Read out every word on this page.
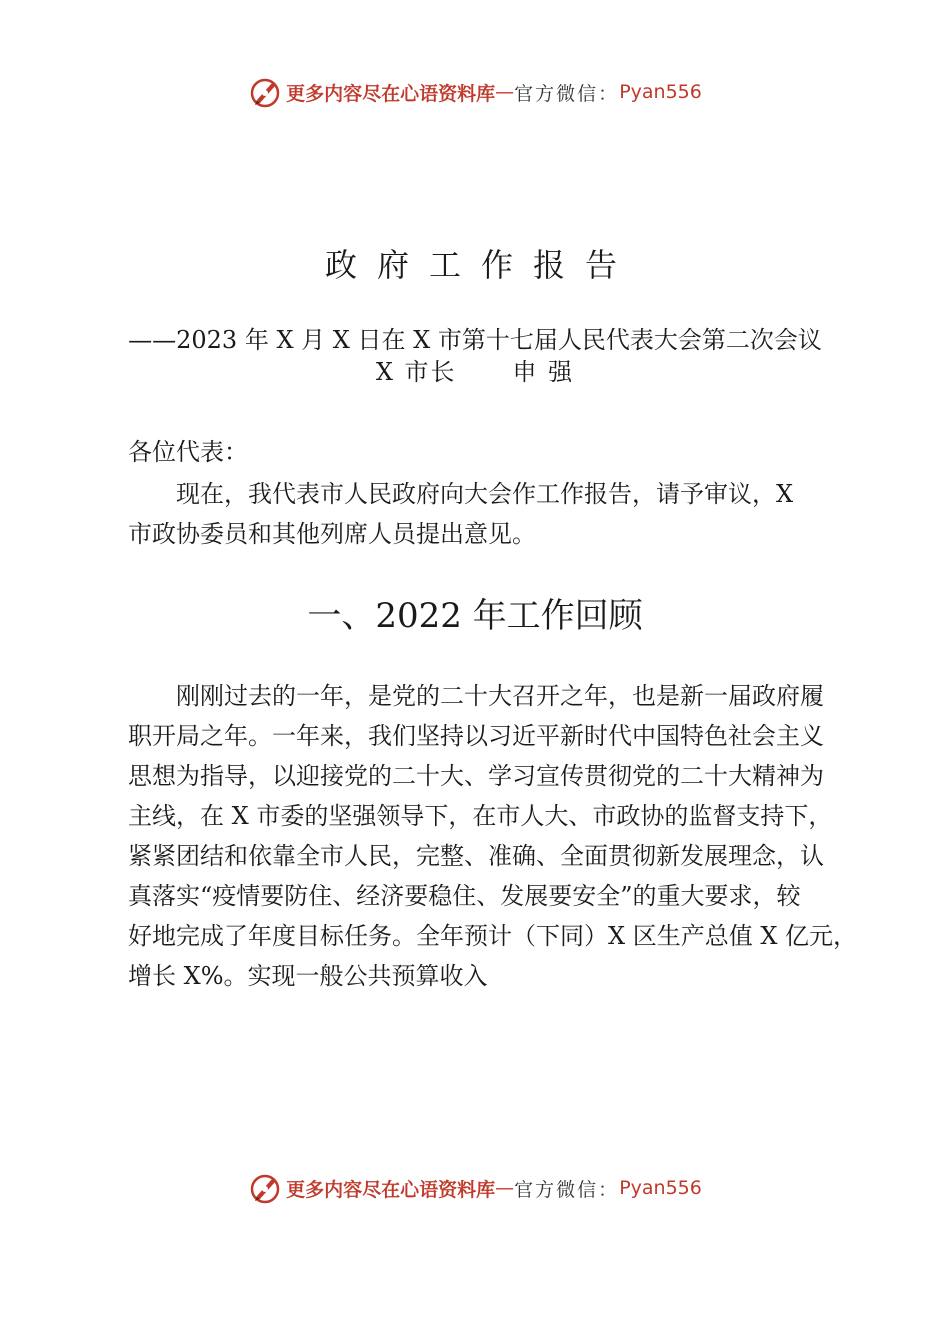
更多内容尽在心语资料库 — 官方微信： Pyan556
政府工作报告
——2023 年 X 月 X 日在 X 市第十七届人民代表大会第二次会议
X 市长 申 强
各位代表：
现在，我代表市人民政府向大会作工作报告，请予审议，X
市政协委员和其他列席人员提出意见。
一、2022 年工作回顾
刚刚过去的一年，是党的二十大召开之年，也是新一届政府履
职开局之年。一年来，我们坚持以习近平新时代中国特色社会主义
思想为指导，以迎接党的二十大、学习宣传贯彻党的二十大精神为
主线，在 X 市委的坚强领导下，在市人大、市政协的监督支持下，
紧紧团结和依靠全市人民，完整、准确、全面贯彻新发展理念，认
真落实“疫情要防住、经济要稳住、发展要安全”的重大要求，较
好地完成了年度目标任务。全年预计（下同）X 区生产总值 X 亿元，
增长 X%。实现一般公共预算收入
更多内容尽在心语资料库 — 官方微信： Pyan556
